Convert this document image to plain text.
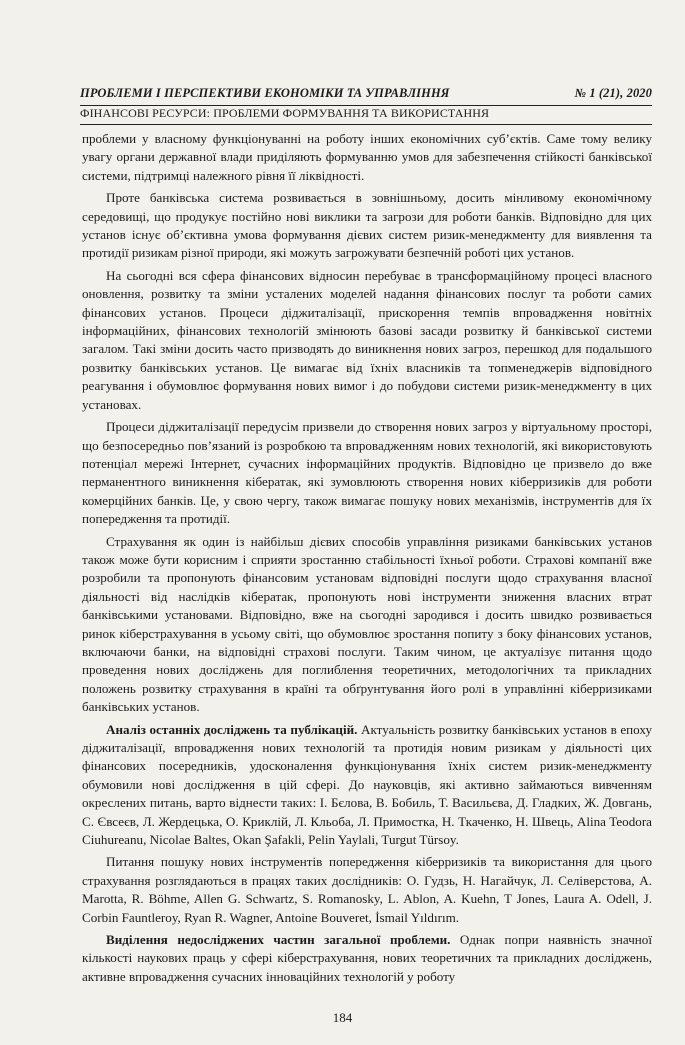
ПРОБЛЕМИ І ПЕРСПЕКТИВИ ЕКОНОМІКИ ТА УПРАВЛІННЯ	№ 1 (21), 2020
ФІНАНСОВІ РЕСУРСИ: ПРОБЛЕМИ ФОРМУВАННЯ ТА ВИКОРИСТАННЯ

проблеми у власному функціонуванні на роботу інших економічних суб’єктів. Саме тому велику увагу органи державної влади приділяють формуванню умов для забезпечення стійкості банківської системи, підтримці належного рівня її ліквідності.

Проте банківська система розвивається в зовнішньому, досить мінливому економічному середовищі, що продукує постійно нові виклики та загрози для роботи банків. Відповідно для цих установ існує об’єктивна умова формування дієвих систем ризик-менеджменту для виявлення та протидії ризикам різної природи, які можуть загрожувати безпечній роботі цих установ.

На сьогодні вся сфера фінансових відносин перебуває в трансформаційному процесі власного оновлення, розвитку та зміни усталених моделей надання фінансових послуг та роботи самих фінансових установ. Процеси діджиталізації, прискорення темпів впровадження новітніх інформаційних, фінансових технологій змінюють базові засади розвитку й банківської системи загалом. Такі зміни досить часто призводять до виникнення нових загроз, перешкод для подальшого розвитку банківських установ. Це вимагає від їхніх власників та топменеджерів відповідного реагування і обумовлює формування нових вимог і до побудови системи ризик-менеджменту в цих установах.

Процеси діджиталізації передусім призвели до створення нових загроз у віртуальному просторі, що безпосередньо пов’язаний із розробкою та впровадженням нових технологій, які використовують потенціал мережі Інтернет, сучасних інформаційних продуктів. Відповідно це призвело до вже перманентного виникнення кібератак, які зумовлюють створення нових кіберризиків для роботи комерційних банків. Це, у свою чергу, також вимагає пошуку нових механізмів, інструментів для їх попередження та протидії.

Страхування як один із найбільш дієвих способів управління ризиками банківських установ також може бути корисним і сприяти зростанню стабільності їхньої роботи. Страхові компанії вже розробили та пропонують фінансовим установам відповідні послуги щодо страхування власної діяльності від наслідків кібератак, пропонують нові інструменти зниження власних втрат банківськими установами. Відповідно, вже на сьогодні зародився і досить швидко розвивається ринок кіберстрахування в усьому світі, що обумовлює зростання попиту з боку фінансових установ, включаючи банки, на відповідні страхові послуги. Таким чином, це актуалізує питання щодо проведення нових досліджень для поглиблення теоретичних, методологічних та прикладних положень розвитку страхування в країні та обґрунтування його ролі в управлінні кіберризиками банківських установ.

Аналіз останніх досліджень та публікацій. Актуальність розвитку банківських установ в епоху діджиталізації, впровадження нових технологій та протидія новим ризикам у діяльності цих фінансових посередників, удосконалення функціонування їхніх систем ризик-менеджменту обумовили нові дослідження в цій сфері. До науковців, які активно займаються вивченням окреслених питань, варто віднести таких: І. Бєлова, В. Бобиль, Т. Васильєва, Д. Гладких, Ж. Довгань, С. Євсеєв, Л. Жердецька, О. Криклій, Л. Кльоба, Л. Примостка, Н. Ткаченко, Н. Швець, Alina Teodora Ciuhureanu, Nicolae Baltes, Okan Şafakli, Pelin Yaylali, Turgut Türsoy.

Питання пошуку нових інструментів попередження кіберризиків та використання для цього страхування розглядаються в працях таких дослідників: О. Гудзь, Н. Нагайчук, Л. Селіверстова, A. Marotta, R. Böhme, Allen G. Schwartz, S. Romanosky, L. Ablon, A. Kuehn, T Jones, Laura A. Odell, J. Corbin Fauntleroy, Ryan R. Wagner, Antoine Bouveret, İsmail Yıldırım.

Виділення недосліджених частин загальної проблеми. Однак попри наявність значної кількості наукових праць у сфері кіберстрахування, нових теоретичних та прикладних досліджень, активне впровадження сучасних інноваційних технологій у роботу

184
